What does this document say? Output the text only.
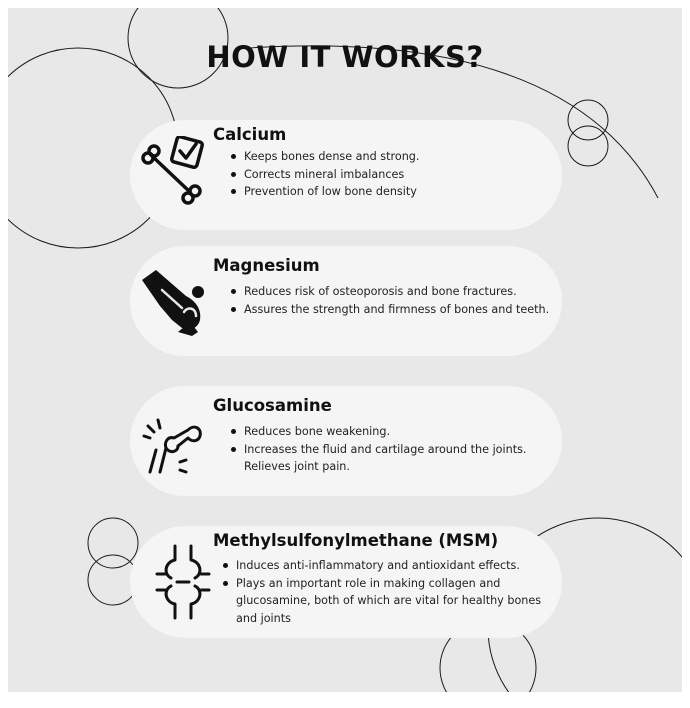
HOW IT WORKS?
Calcium
Keeps bones dense and strong.
Corrects mineral imbalances
Prevention of low bone density
Magnesium
Reduces risk of osteoporosis and bone fractures.
Assures the strength and firmness of bones and teeth.
Glucosamine
Reduces bone weakening.
Increases the fluid and cartilage around the joints. Relieves joint pain.
Methylsulfonylmethane (MSM)
Induces anti-inflammatory and antioxidant effects.
Plays an important role in making collagen and glucosamine, both of which are vital for healthy bones and joints
